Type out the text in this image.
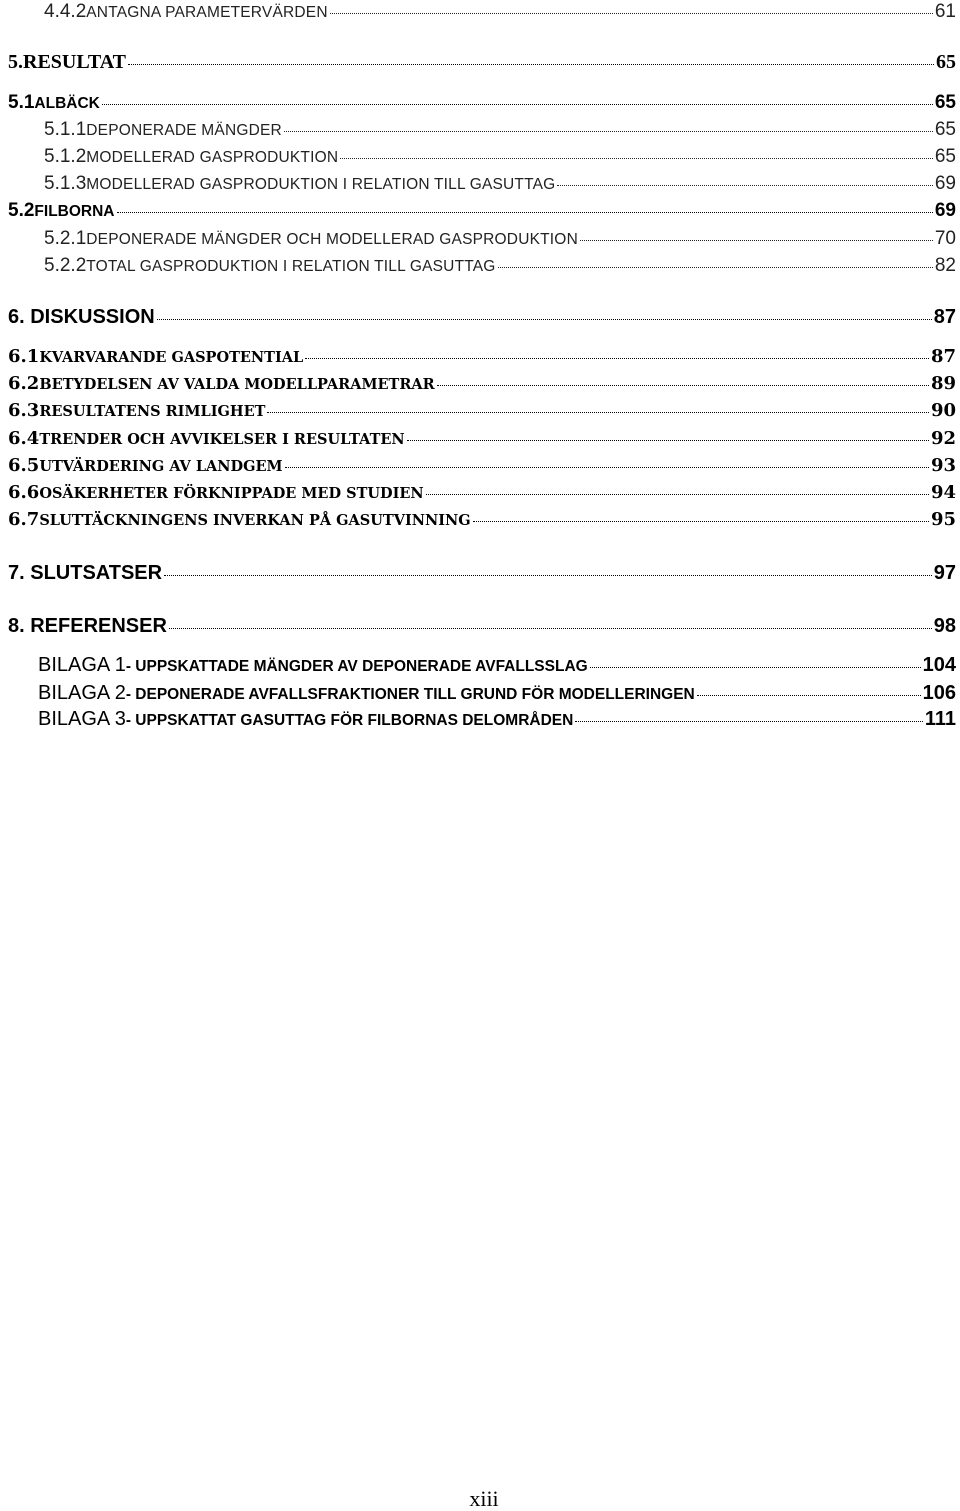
4.4.2 ANTAGNA PARAMETERVÄRDEN	61
5.RESULTAT	65
5.1 ALBÄCK	65
5.1.1 DEPONERADE MÄNGDER	65
5.1.2 MODELLERAD GASPRODUKTION	65
5.1.3 MODELLERAD GASPRODUKTION I RELATION TILL GASUTTAG	69
5.2 FILBORNA	69
5.2.1 DEPONERADE MÄNGDER OCH MODELLERAD GASPRODUKTION	70
5.2.2 TOTAL GASPRODUKTION I RELATION TILL GASUTTAG	82
6. DISKUSSION	87
6.1 KVARVARANDE GASPOTENTIAL	87
6.2 BETYDELSEN AV VALDA MODELLPARAMETRAR	89
6.3 RESULTATENS RIMLIGHET	90
6.4 TRENDER OCH AVVIKELSER I RESULTATEN	92
6.5 UTVÄRDERING AV LANDGEM	93
6.6 OSÄKERHETER FÖRKNIPPADE MED STUDIEN	94
6.7 SLUTTÄCKNINGENS INVERKAN PÅ GASUTVINNING	95
7. SLUTSATSER	97
8. REFERENSER	98
BILAGA 1 - UPPSKATTADE MÄNGDER AV DEPONERADE AVFALLSSLAG	104
BILAGA 2 - DEPONERADE AVFALLSFRAKTIONER TILL GRUND FÖR MODELLERINGEN	106
BILAGA 3 - UPPSKATTAT GASUTTAG FÖR FILBORNAS DELOMRÅDEN	111
xiii
